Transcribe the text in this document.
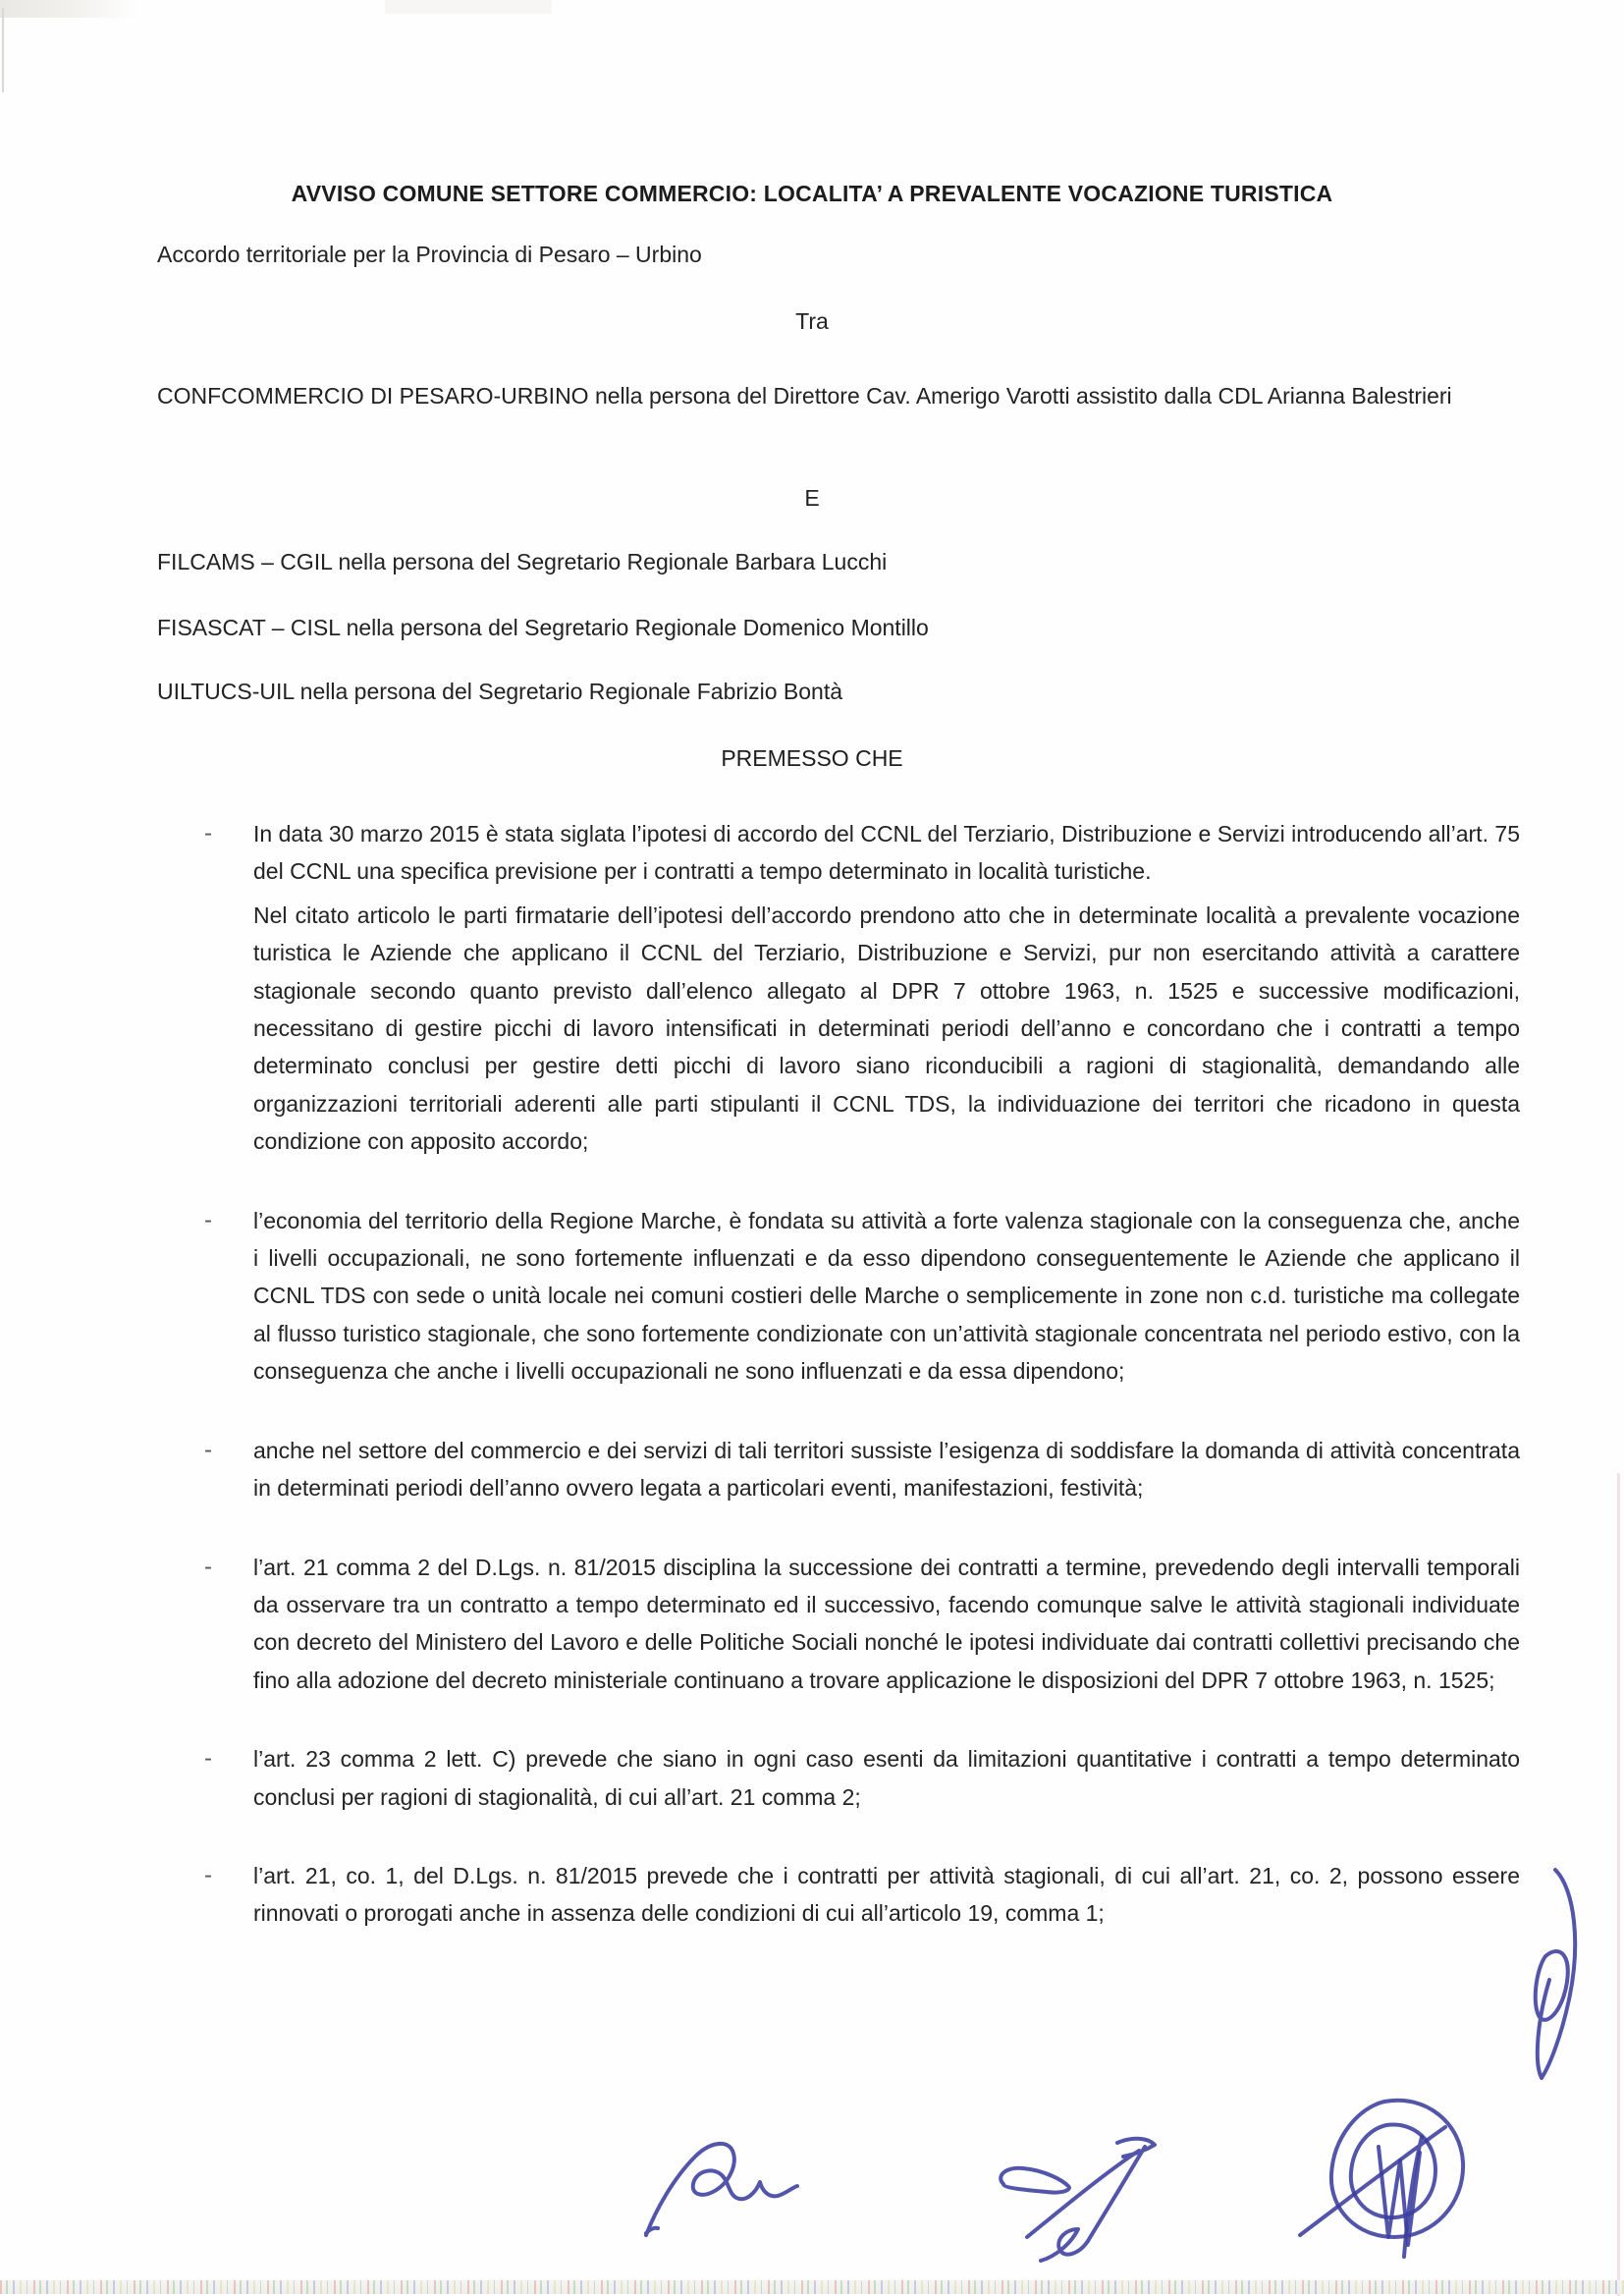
AVVISO COMUNE SETTORE COMMERCIO: LOCALITA’ A PREVALENTE VOCAZIONE TURISTICA
Accordo territoriale per la Provincia di Pesaro – Urbino
Tra
CONFCOMMERCIO DI PESARO-URBINO nella persona del Direttore Cav. Amerigo Varotti assistito dalla CDL Arianna Balestrieri
E
FILCAMS – CGIL nella persona del Segretario Regionale Barbara Lucchi
FISASCAT – CISL nella persona del Segretario Regionale Domenico Montillo
UILTUCS-UIL nella persona del Segretario Regionale Fabrizio Bontà
PREMESSO CHE
-	In data 30 marzo 2015 è stata siglata l’ipotesi di accordo del CCNL del Terziario, Distribuzione e Servizi introducendo all’art. 75 del CCNL una specifica previsione per i contratti a tempo determinato in località turistiche.

Nel citato articolo le parti firmatarie dell’ipotesi dell’accordo prendono atto che in determinate località a prevalente vocazione turistica le Aziende che applicano il CCNL del Terziario, Distribuzione e Servizi, pur non esercitando attività a carattere stagionale secondo quanto previsto dall’elenco allegato al DPR 7 ottobre 1963, n. 1525 e successive modificazioni, necessitano di gestire picchi di lavoro intensificati in determinati periodi dell’anno e concordano che i contratti a tempo determinato conclusi per gestire detti picchi di lavoro siano riconducibili a ragioni di stagionalità, demandando alle organizzazioni territoriali aderenti alle parti stipulanti il CCNL TDS, la individuazione dei territori che ricadono in questa condizione con apposito accordo;

-	l’economia del territorio della Regione Marche, è fondata su attività a forte valenza stagionale con la conseguenza che, anche i livelli occupazionali, ne sono fortemente influenzati e da esso dipendono conseguentemente le Aziende che applicano il CCNL TDS con sede o unità locale nei comuni costieri delle Marche o semplicemente in zone non c.d. turistiche ma collegate al flusso turistico stagionale, che sono fortemente condizionate con un’attività stagionale concentrata nel periodo estivo, con la conseguenza che anche i livelli occupazionali ne sono influenzati e da essa dipendono;

-	anche nel settore del commercio e dei servizi di tali territori sussiste l’esigenza di soddisfare la domanda di attività concentrata in determinati periodi dell’anno ovvero legata a particolari eventi, manifestazioni, festività;

-	l’art. 21 comma 2 del D.Lgs. n. 81/2015 disciplina la successione dei contratti a termine, prevedendo degli intervalli temporali da osservare tra un contratto a tempo determinato ed il successivo, facendo comunque salve le attività stagionali individuate con decreto del Ministero del Lavoro e delle Politiche Sociali nonché le ipotesi individuate dai contratti collettivi precisando che fino alla adozione del decreto ministeriale continuano a trovare applicazione le disposizioni del DPR 7 ottobre 1963, n. 1525;

-	l’art. 23 comma 2 lett. C) prevede che siano in ogni caso esenti da limitazioni quantitative i contratti a tempo determinato conclusi per ragioni di stagionalità, di cui all’art. 21 comma 2;

-	l’art. 21, co. 1, del D.Lgs. n. 81/2015 prevede che i contratti per attività stagionali, di cui all’art. 21, co. 2, possono essere rinnovati o prorogati anche in assenza delle condizioni di cui all’articolo 19, comma 1;
